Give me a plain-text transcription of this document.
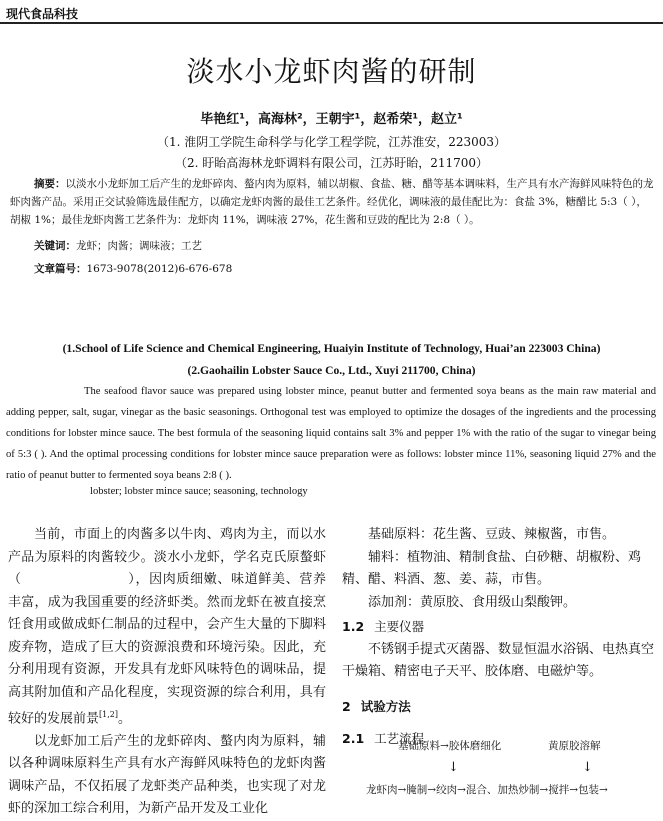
现代食品科技
淡水小龙虾肉酱的研制
毕艳红¹，高海林²，王朝宇¹，赵希荣¹，赵立¹
（1. 淮阴工学院生命科学与化学工程学院，江苏淮安，223003）
（2. 盱眙高海林龙虾调料有限公司，江苏盱眙，211700）
摘要：以淡水小龙虾加工后产生的龙虾碎肉、螯内肉为原料，辅以胡椒、食盐、糖、醋等基本调味料，生产具有水产海鲜风味特色的龙虾肉酱产品。采用正交试验筛选最佳配方，以确定龙虾肉酱的最佳工艺条件。经优化，调味液的最佳配比为：食盐 3%，糖醋比 5:3（ ），胡椒 1%；最佳龙虾肉酱工艺条件为：龙虾肉 11%，调味液 27%，花生酱和豆豉的配比为 2:8（ ）。
关键词：龙虾；肉酱；调味液；工艺
文章篇号：1673-9078(2012)6-676-678
(1.School of Life Science and Chemical Engineering, Huaiyin Institute of Technology, Huai’an 223003 China)
(2.Gaohailin Lobster Sauce Co., Ltd., Xuyi 211700, China)
The seafood flavor sauce was prepared using lobster mince, peanut butter and fermented soya beans as the main raw material and adding pepper, salt, sugar, vinegar as the basic seasonings. Orthogonal test was employed to optimize the dosages of the ingredients and the processing conditions for lobster mince sauce. The best formula of the seasoning liquid contains salt 3% and pepper 1% with the ratio of the sugar to vinegar being of 5:3 ( ). And the optimal processing conditions for lobster mince sauce preparation were as follows: lobster mince 11%, seasoning liquid 27% and the ratio of peanut butter to fermented soya beans 2:8 ( ).
lobster; lobster mince sauce; seasoning, technology

当前，市面上的肉酱多以牛肉、鸡肉为主，而以水产品为原料的肉酱较少。淡水小龙虾，学名克氏原螯虾（	），因肉质细嫩、味道鲜美、营养丰富，成为我国重要的经济虾类。然而龙虾在被直接烹饪食用或做成虾仁制品的过程中，会产生大量的下脚料废弃物，造成了巨大的资源浪费和环境污染。因此，充分利用现有资源，开发具有龙虾风味特色的调味品，提高其附加值和产品化程度，实现资源的综合利用，具有较好的发展前景[1,2]。

以龙虾加工后产生的龙虾碎肉、螯内肉为原料，辅以各种调味原料生产具有水产海鲜风味特色的龙虾肉酱调味产品，不仅拓展了龙虾类产品种类，也实现了对龙虾的深加工综合利用，为新产品开发及工业化

基础原料：花生酱、豆豉、辣椒酱，市售。

辅料：植物油、精制食盐、白砂糖、胡椒粉、鸡精、醋、料酒、葱、姜、蒜，市售。

添加剂：黄原胶、食用级山梨酸钾。

1.2 主要仪器

不锈钢手提式灭菌器、数显恒温水浴锅、电热真空干燥箱、精密电子天平、胶体磨、电磁炉等。

2 试验方法
2.1 工艺流程
基础原料→胶体磨细化	黄原胶溶解
↓	↓
龙虾肉→腌制→绞肉→混合、加热炒制→搅拌→包装→
